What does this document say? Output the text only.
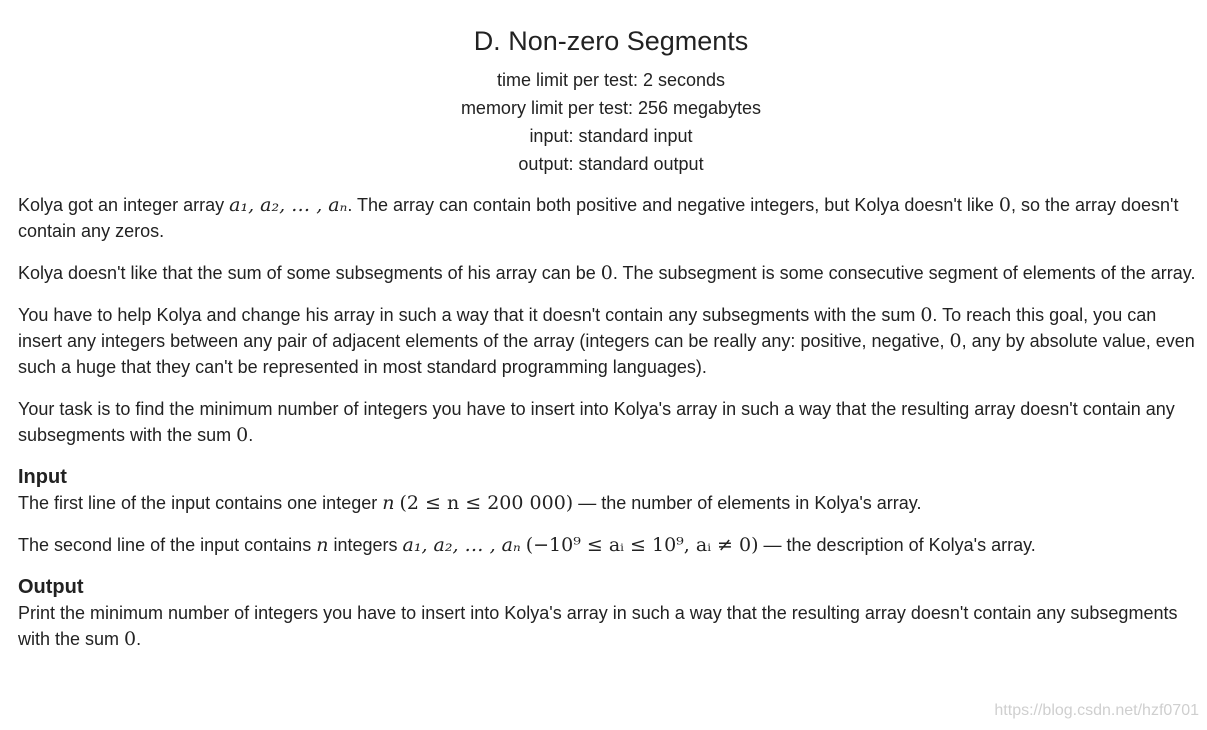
D. Non-zero Segments
time limit per test: 2 seconds
memory limit per test: 256 megabytes
input: standard input
output: standard output

Kolya got an integer array a₁, a₂, … , aₙ. The array can contain both positive and negative integers, but Kolya doesn't like 0, so the array doesn't contain any zeros.

Kolya doesn't like that the sum of some subsegments of his array can be 0. The subsegment is some consecutive segment of elements of the array.

You have to help Kolya and change his array in such a way that it doesn't contain any subsegments with the sum 0. To reach this goal, you can insert any integers between any pair of adjacent elements of the array (integers can be really any: positive, negative, 0, any by absolute value, even such a huge that they can't be represented in most standard programming languages).

Your task is to find the minimum number of integers you have to insert into Kolya's array in such a way that the resulting array doesn't contain any subsegments with the sum 0.

Input

The first line of the input contains one integer n (2 ≤ n ≤ 200 000) — the number of elements in Kolya's array.

The second line of the input contains n integers a₁, a₂, … , aₙ (−10⁹ ≤ aᵢ ≤ 10⁹, aᵢ ≠ 0) — the description of Kolya's array.

Output

Print the minimum number of integers you have to insert into Kolya's array in such a way that the resulting array doesn't contain any subsegments with the sum 0.

https://blog.csdn.net/hzf0701
